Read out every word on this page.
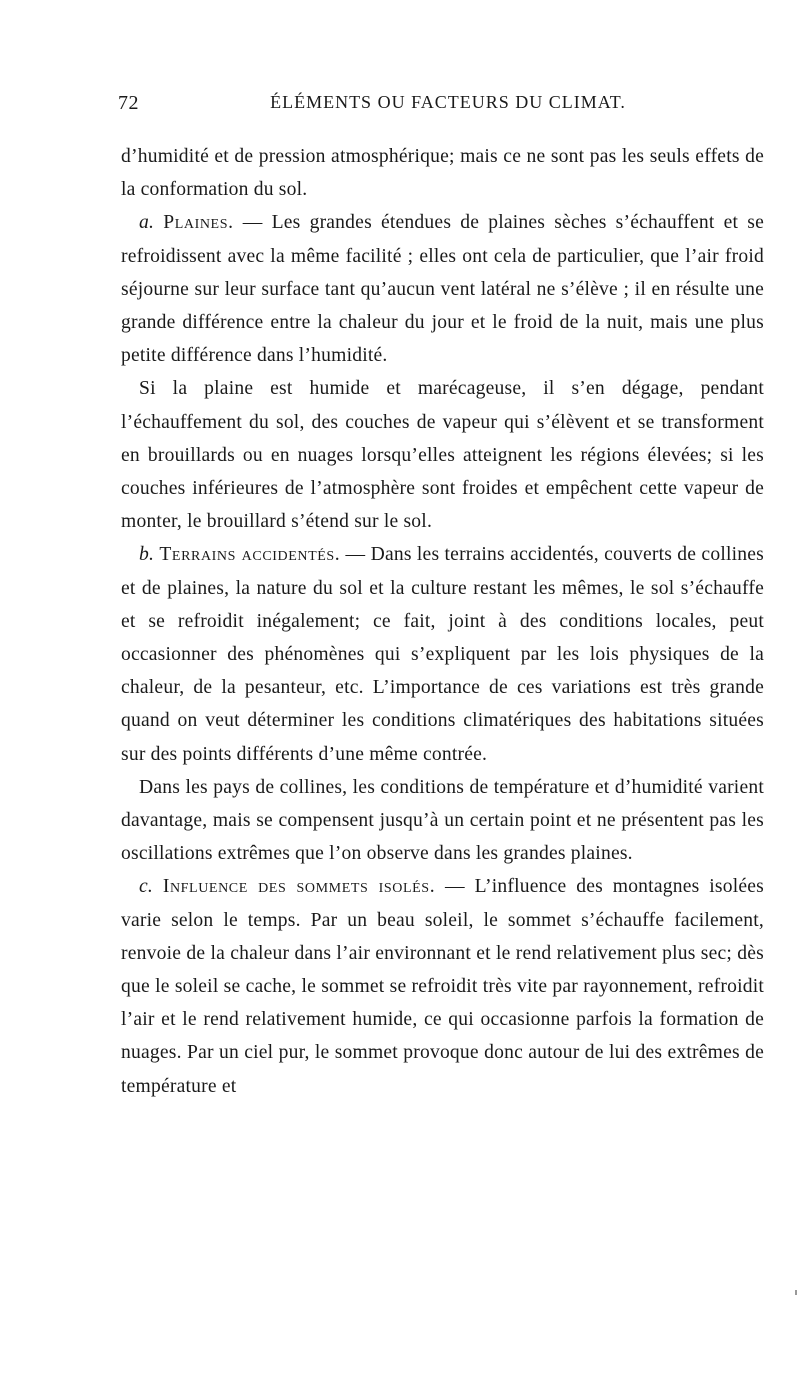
72	ÉLÉMENTS OU FACTEURS DU CLIMAT.

d’humidité et de pression atmosphérique; mais ce ne sont pas les seuls effets de la conformation du sol.

a. Plaines. — Les grandes étendues de plaines sèches s’échauffent et se refroidissent avec la même facilité ; elles ont cela de particulier, que l’air froid séjourne sur leur surface tant qu’aucun vent latéral ne s’élève ; il en résulte une grande différence entre la chaleur du jour et le froid de la nuit, mais une plus petite différence dans l’humidité.

Si la plaine est humide et marécageuse, il s’en dégage, pendant l’échauffement du sol, des couches de vapeur qui s’élèvent et se transforment en brouillards ou en nuages lorsqu’elles atteignent les régions élevées; si les couches inférieures de l’atmosphère sont froides et empêchent cette vapeur de monter, le brouillard s’étend sur le sol.

b. Terrains accidentés. — Dans les terrains accidentés, couverts de collines et de plaines, la nature du sol et la culture restant les mêmes, le sol s’échauffe et se refroidit inégalement; ce fait, joint à des conditions locales, peut occasionner des phénomènes qui s’expliquent par les lois physiques de la chaleur, de la pesanteur, etc. L’importance de ces variations est très grande quand on veut déterminer les conditions climatériques des habitations situées sur des points différents d’une même contrée.

Dans les pays de collines, les conditions de température et d’humidité varient davantage, mais se compensent jusqu’à un certain point et ne présentent pas les oscillations extrêmes que l’on observe dans les grandes plaines.

c. Influence des sommets isolés. — L’influence des montagnes isolées varie selon le temps. Par un beau soleil, le sommet s’échauffe facilement, renvoie de la chaleur dans l’air environnant et le rend relativement plus sec; dès que le soleil se cache, le sommet se refroidit très vite par rayonnement, refroidit l’air et le rend relativement humide, ce qui occasionne parfois la formation de nuages. Par un ciel pur, le sommet provoque donc autour de lui des extrêmes de température et
